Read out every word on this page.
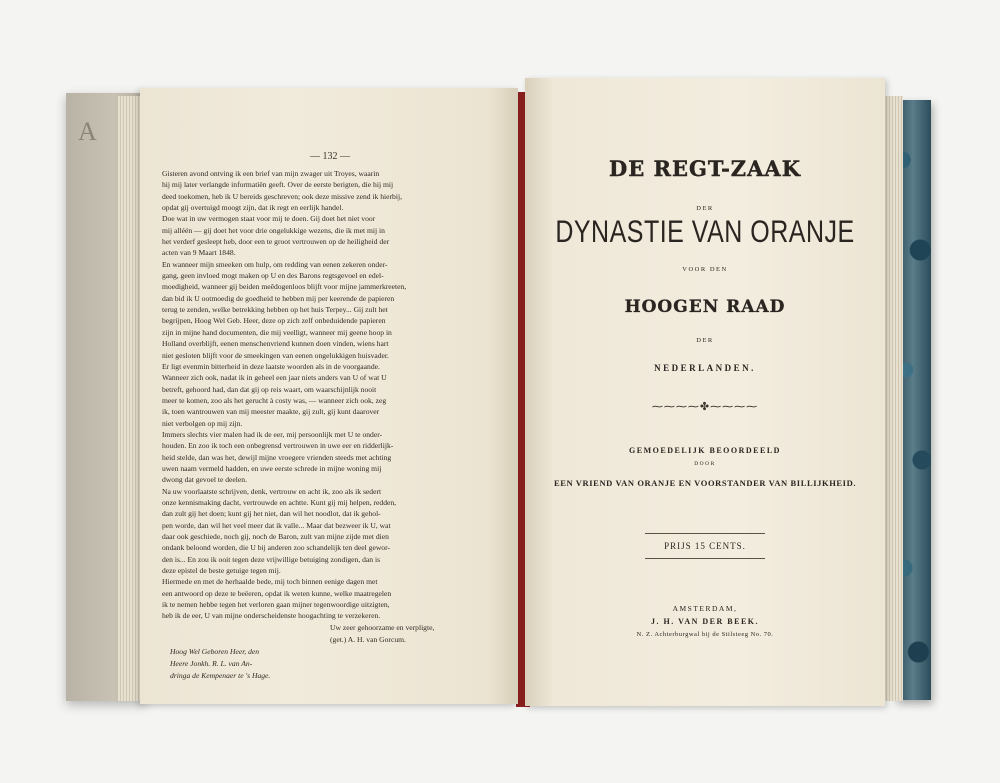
A
— 132 —
Gisteren avond ontving ik een brief van mijn zwager uit Troyes, waarin
hij mij later verlangde informatiën geeft. Over de eerste berigten, die hij mij
deed toekomen, heb ik U bereids geschreven; ook deze missive zend ik hierbij,
opdat gij overtuigd moogt zijn, dat ik regt en eerlijk handel.
Doe wat in uw vermogen staat voor mij te doen. Gij doet het niet voor
mij alléén — gij doet het voor drie ongelukkige wezens, die ik met mij in
het verderf gesleept heb, door een te groot vertrouwen op de heiligheid der
acten van 9 Maart 1848.
En wanneer mijn smeeken om hulp, om redding van eenen zekeren onder-
gang, geen invloed mogt maken op U en des Barons regtsgevoel en edel-
moedigheid, wanneer gij beiden meêdogenloos blijft voor mijne jammerkreeten,
dan bid ik U ootmoedig de goedheid te hebben mij per keerende de papieren
terug te zenden, welke betrekking hebben op het huis Terpey... Gij zult het
begrijpen, Hoog Wel Geb. Heer, deze op zich zelf onbeduidende papieren
zijn in mijne hand documenten, die mij veelligt, wanneer mij geene hoop in
Holland overblijft, eenen menschenvriend kunnen doen vinden, wiens hart
niet gesloten blijft voor de smeekingen van eenen ongelukkigen huisvader.
Er ligt evenmin bitterheid in deze laatste woorden als in de voorgaande.
Wanneer zich ook, nadat ik in geheel een jaar niets anders van U of wat U
betreft, gehoord had, dan dat gij op reis waart, om waarschijnlijk nooit
meer te komen, zoo als het gerucht à costy was, — wanneer zich ook, zeg
ik, toen wantrouwen van mij meester maakte, gij zult, gij kunt daarover
niet verbolgen op mij zijn.
Immers slechts vier malen had ik de eer, mij persoonlijk met U te onder-
houden. En zoo ik toch een onbegrensd vertrouwen in uwe eer en ridderlijk-
heid stelde, dan was het, dewijl mijne vroegere vrienden steeds met achting
uwen naam vermeld hadden, en uwe eerste schrede in mijne woning mij
dwong dat gevoel te deelen.
Na uw voorlaatste schrijven, denk, vertrouw en acht ik, zoo als ik sedert
onze kennismaking dacht, vertrouwde en achtte. Kunt gij mij helpen, redden,
dan zult gij het doen; kunt gij het niet, dan wil het noodlot, dat ik gehol-
pen worde, dan wil het veel meer dat ik valle... Maar dat bezweer ik U, wat
daar ook geschiede, noch gij, noch de Baron, zult van mijne zijde met dien
ondank beloond worden, die U bij anderen zoo schandelijk ten deel gewor-
den is... En zou ik ooit tegen deze vrijwillige betuiging zondigen, dan is
deze epistel de beste getuige tegen mij.
Hiermede en met de herhaalde bede, mij toch binnen eenige dagen met
een antwoord op deze te beëeren, opdat ik weten kunne, welke maatregelen
ik te nemen hebbe tegen het verloren gaan mijner tegenwoordige uitzigten,
heb ik de eer, U van mijne onderscheidenste hoogachting te verzekeren.
Uw zeer gehoorzame en verpligte,
(get.) A. H. van Gorcum.
Hoog Wel Geboren Heer, den
Heere Jonkh. R. L. van An-
dringa de Kempenaer te 's Hage.
DE REGT-ZAAK
DER
DYNASTIE VAN ORANJE
VOOR DEN
HOOGEN RAAD
DER
NEDERLANDEN.
⁓⁓⁓⁓✤⁓⁓⁓⁓
GEMOEDELIJK BEOORDEELD
DOOR
EEN VRIEND VAN ORANJE EN VOORSTANDER VAN BILLIJKHEID.
PRIJS 15 CENTS.
AMSTERDAM,
J. H. VAN DER BEEK.
N. Z. Achterburgwal bij de Stilsteeg No. 70.
